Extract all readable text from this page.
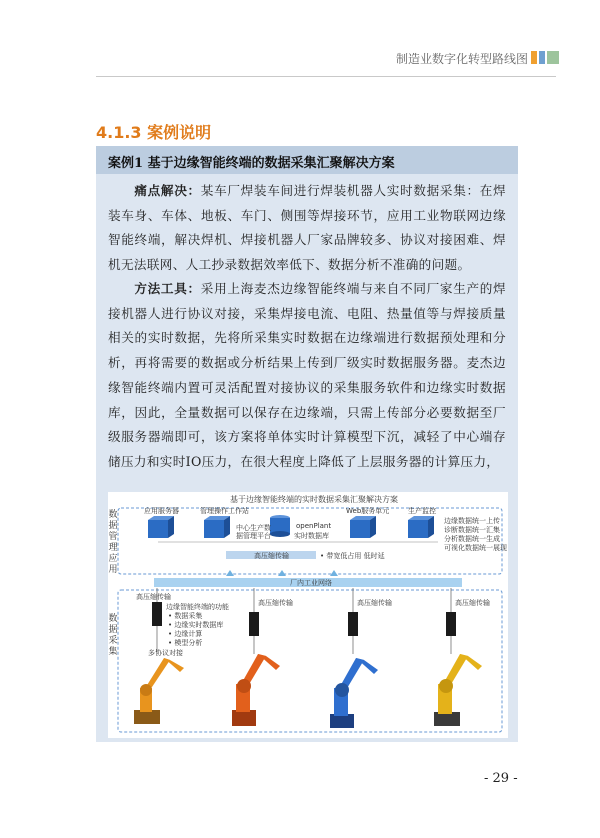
制造业数字化转型路线图
4.1.3 案例说明
案例1 基于边缘智能终端的数据采集汇聚解决方案
痛点解决：某车厂焊装车间进行焊装机器人实时数据采集：在焊装车身、车体、地板、车门、侧围等焊接环节，应用工业物联网边缘智能终端，解决焊机、焊接机器人厂家品牌较多、协议对接困难、焊机无法联网、人工抄录数据效率低下、数据分析不准确的问题。
方法工具：采用上海麦杰边缘智能终端与来自不同厂家生产的焊接机器人进行协议对接，采集焊接电流、电阻、热量值等与焊接质量相关的实时数据，先将所采集实时数据在边缘端进行数据预处理和分析，再将需要的数据或分析结果上传到厂级实时数据服务器。麦杰边缘智能终端内置可灵活配置对接协议的采集服务软件和边缘实时数据库，因此，全量数据可以保存在边缘端，只需上传部分必要数据至厂级服务器端即可，该方案将单体实时计算模型下沉，减轻了中心端存储压力和实时IO压力，在很大程度上降低了上层服务器的计算压力，
基于边缘智能终端的实时数据采集汇聚解决方案
数据管理应用
数据采集
应用服务器	管理操作工作站
中心生产数据管理平台
Web服务单元	生产监控
openPlant
实时数据库
边缘数据统一上传
诊断数据统一汇集
分析数据统一生成
可视化数据统一展现
高压缩传输	• 带宽低占用 低时延
厂内工业网络
高压缩传输
高压缩传输	高压缩传输	高压缩传输
边缘智能终端的功能
• 数据采集
• 边缘实时数据库
• 边缘计算
• 模型分析
多协议对接
- 29 -
